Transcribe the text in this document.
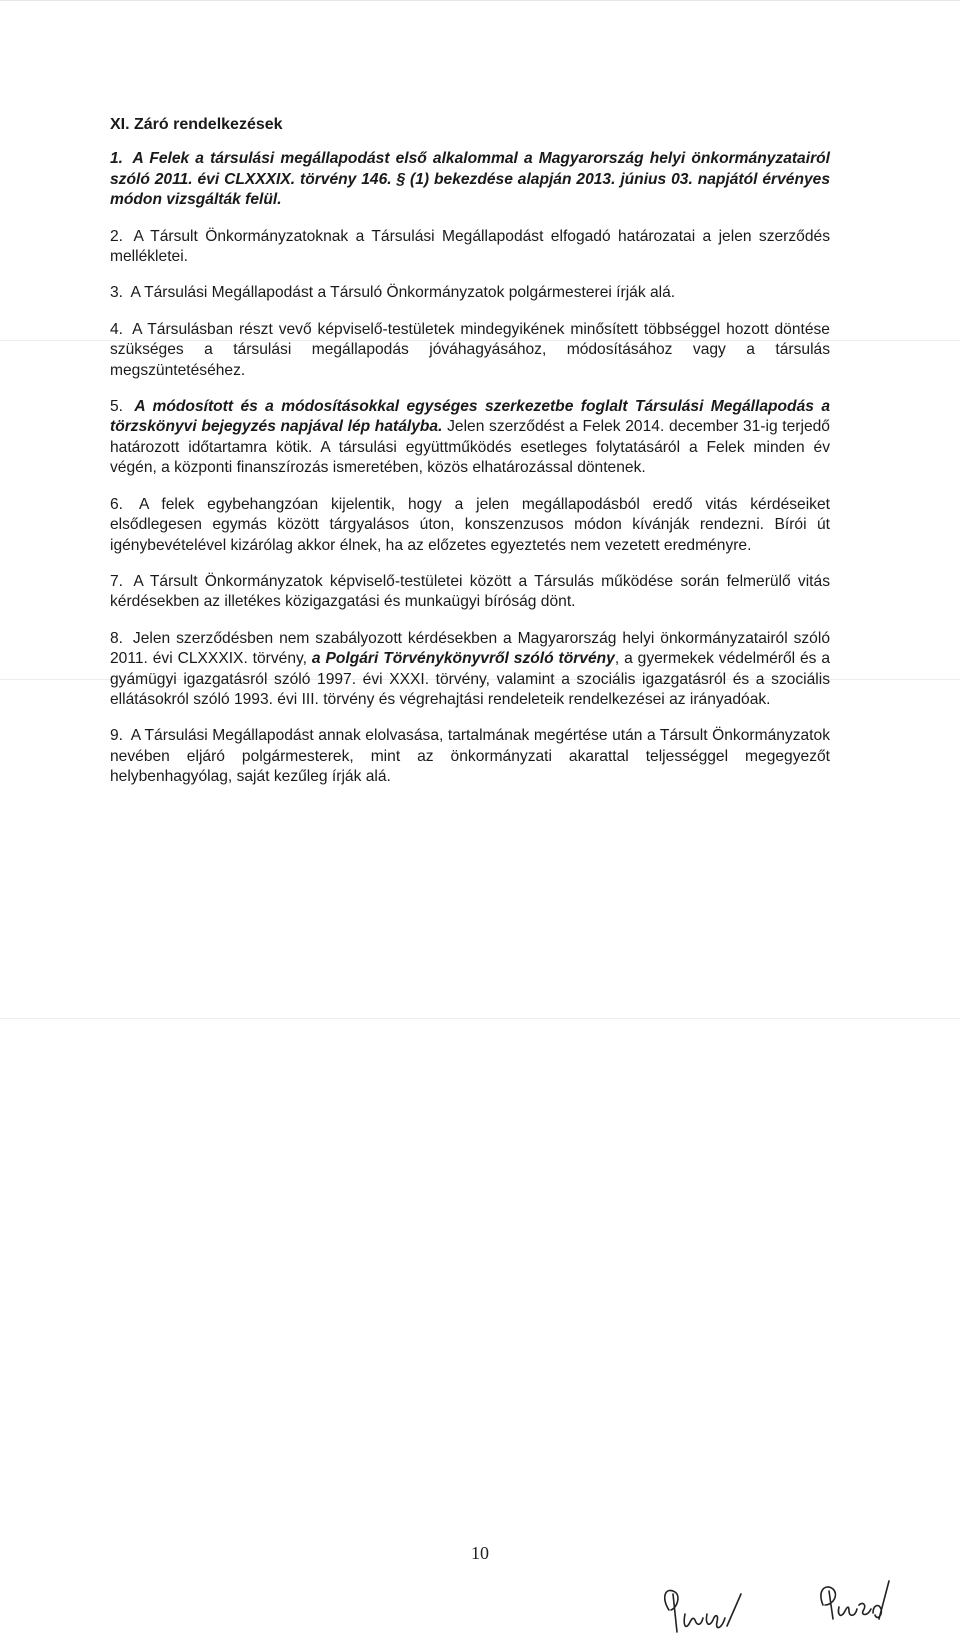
XI. Záró rendelkezések

1. A Felek a társulási megállapodást első alkalommal a Magyarország helyi önkormányzatairól szóló 2011. évi CLXXXIX. törvény 146. § (1) bekezdése alapján 2013. június 03. napjától érvényes módon vizsgálták felül.

2. A Társult Önkormányzatoknak a Társulási Megállapodást elfogadó határozatai a jelen szerződés mellékletei.

3. A Társulási Megállapodást a Társuló Önkormányzatok polgármesterei írják alá.

4. A Társulásban részt vevő képviselő-testületek mindegyikének minősített többséggel hozott döntése szükséges a társulási megállapodás jóváhagyásához, módosításához vagy a társulás megszüntetéséhez.

5. A módosított és a módosításokkal egységes szerkezetbe foglalt Társulási Megállapodás a törzskönyvi bejegyzés napjával lép hatályba. Jelen szerződést a Felek 2014. december 31-ig terjedő határozott időtartamra kötik. A társulási együttműködés esetleges folytatásáról a Felek minden év végén, a központi finanszírozás ismeretében, közös elhatározással döntenek.

6. A felek egybehangzóan kijelentik, hogy a jelen megállapodásból eredő vitás kérdéseiket elsődlegesen egymás között tárgyalásos úton, konszenzusos módon kívánják rendezni. Bírói út igénybevételével kizárólag akkor élnek, ha az előzetes egyeztetés nem vezetett eredményre.

7. A Társult Önkormányzatok képviselő-testületei között a Társulás működése során felmerülő vitás kérdésekben az illetékes közigazgatási és munkaügyi bíróság dönt.

8. Jelen szerződésben nem szabályozott kérdésekben a Magyarország helyi önkormányzatairól szóló 2011. évi CLXXXIX. törvény, a Polgári Törvénykönyvről szóló törvény, a gyermekek védelméről és a gyámügyi igazgatásról szóló 1997. évi XXXI. törvény, valamint a szociális igazgatásról és a szociális ellátásokról szóló 1993. évi III. törvény és végrehajtási rendeleteik rendelkezései az irányadóak.

9. A Társulási Megállapodást annak elolvasása, tartalmának megértése után a Társult Önkormányzatok nevében eljáró polgármesterek, mint az önkormányzati akarattal teljességgel megegyezőt helybenhagyólag, saját kezűleg írják alá.

10
